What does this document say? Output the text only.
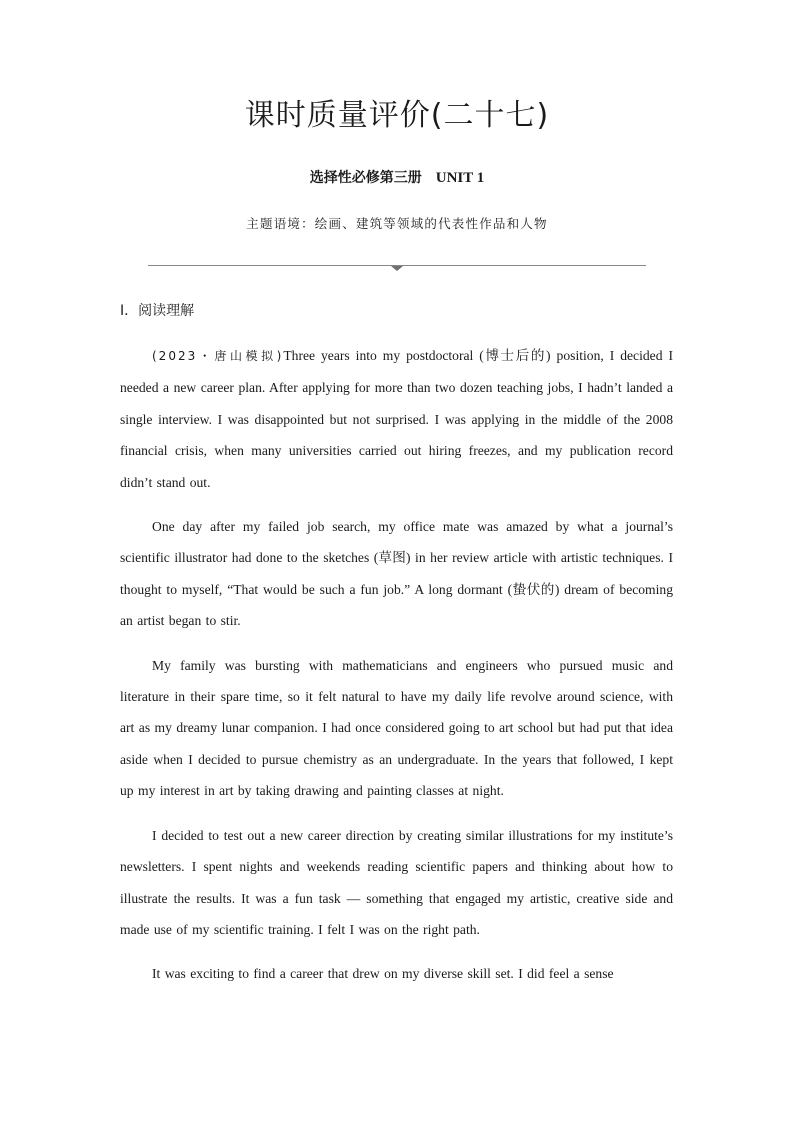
课时质量评价(二十七)
选择性必修第三册 UNIT 1
主题语境：绘画、建筑等领域的代表性作品和人物
Ⅰ．阅读理解

(2023・唐山模拟)Three years into my postdoctoral (博士后的) position, I decided I needed a new career plan. After applying for more than two dozen teaching jobs, I hadn’t landed a single interview. I was disappointed but not surprised. I was applying in the middle of the 2008 financial crisis, when many universities carried out hiring freezes, and my publication record didn’t stand out.

One day after my failed job search, my office mate was amazed by what a journal’s scientific illustrator had done to the sketches (草图) in her review article with artistic techniques. I thought to myself, “That would be such a fun job.” A long dormant (蛰伏的) dream of becoming an artist began to stir.

My family was bursting with mathematicians and engineers who pursued music and literature in their spare time, so it felt natural to have my daily life revolve around science, with art as my dreamy lunar companion. I had once considered going to art school but had put that idea aside when I decided to pursue chemistry as an undergraduate. In the years that followed, I kept up my interest in art by taking drawing and painting classes at night.

I decided to test out a new career direction by creating similar illustrations for my institute’s newsletters. I spent nights and weekends reading scientific papers and thinking about how to illustrate the results. It was a fun task — something that engaged my artistic, creative side and made use of my scientific training. I felt I was on the right path.

It was exciting to find a career that drew on my diverse skill set. I did feel a sense
